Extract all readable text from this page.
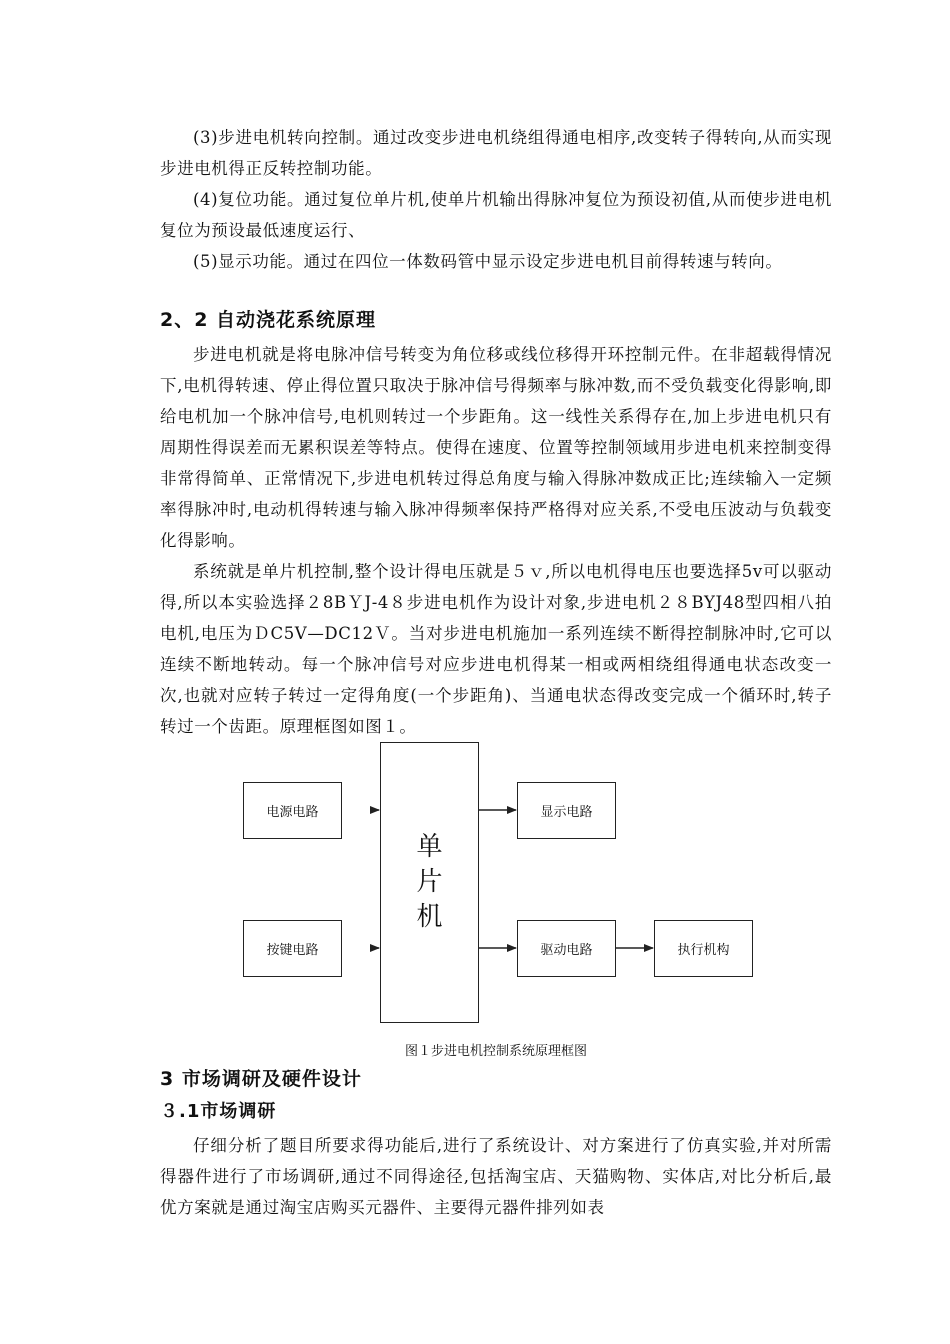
(3)步进电机转向控制。通过改变步进电机绕组得通电相序,改变转子得转向,从而实现步进电机得正反转控制功能。

(4)复位功能。通过复位单片机,使单片机输出得脉冲复位为预设初值,从而使步进电机复位为预设最低速度运行、

(5)显示功能。通过在四位一体数码管中显示设定步进电机目前得转速与转向。

2、2 自动浇花系统原理

步进电机就是将电脉冲信号转变为角位移或线位移得开环控制元件。在非超载得情况下,电机得转速、停止得位置只取决于脉冲信号得频率与脉冲数,而不受负载变化得影响,即给电机加一个脉冲信号,电机则转过一个步距角。这一线性关系得存在,加上步进电机只有周期性得误差而无累积误差等特点。使得在速度、位置等控制领域用步进电机来控制变得非常得简单、正常情况下,步进电机转过得总角度与输入得脉冲数成正比;连续输入一定频率得脉冲时,电动机得转速与输入脉冲得频率保持严格得对应关系,不受电压波动与负载变化得影响。

系统就是单片机控制,整个设计得电压就是５ｖ,所以电机得电压也要选择5v可以驱动得,所以本实验选择２8BＹJ-4８步进电机作为设计对象,步进电机２８BYJ48型四相八拍电机,电压为ＤC5V—DC12Ｖ。当对步进电机施加一系列连续不断得控制脉冲时,它可以连续不断地转动。每一个脉冲信号对应步进电机得某一相或两相绕组得通电状态改变一次,也就对应转子转过一定得角度(一个步距角)、当通电状态得改变完成一个循环时,转子转过一个齿距。原理框图如图１。

电源电路
按键电路
单
片
机
显示电路
驱动电路	执行机构

图１步进电机控制系统原理框图

3 市场调研及硬件设计
３.1市场调研

仔细分析了题目所要求得功能后,进行了系统设计、对方案进行了仿真实验,并对所需得器件进行了市场调研,通过不同得途径,包括淘宝店、天猫购物、实体店,对比分析后,最优方案就是通过淘宝店购买元器件、主要得元器件排列如表
